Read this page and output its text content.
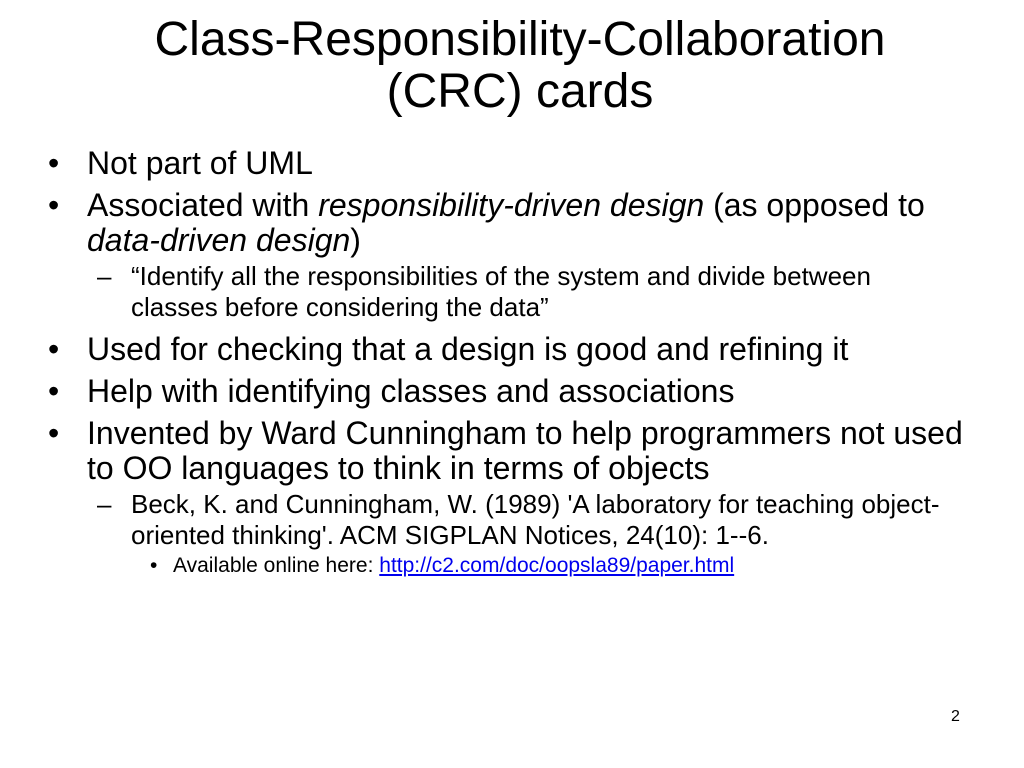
Class-Responsibility-Collaboration
(CRC) cards
• Not part of UML
• Associated with responsibility-driven design (as opposed to data-driven design)
– “Identify all the responsibilities of the system and divide between classes before considering the data”
• Used for checking that a design is good and refining it
• Help with identifying classes and associations
• Invented by Ward Cunningham to help programmers not used to OO languages to think in terms of objects
– Beck, K. and Cunningham, W. (1989) 'A laboratory for teaching object-oriented thinking'. ACM SIGPLAN Notices, 24(10): 1--6.
• Available online here: http://c2.com/doc/oopsla89/paper.html
2
